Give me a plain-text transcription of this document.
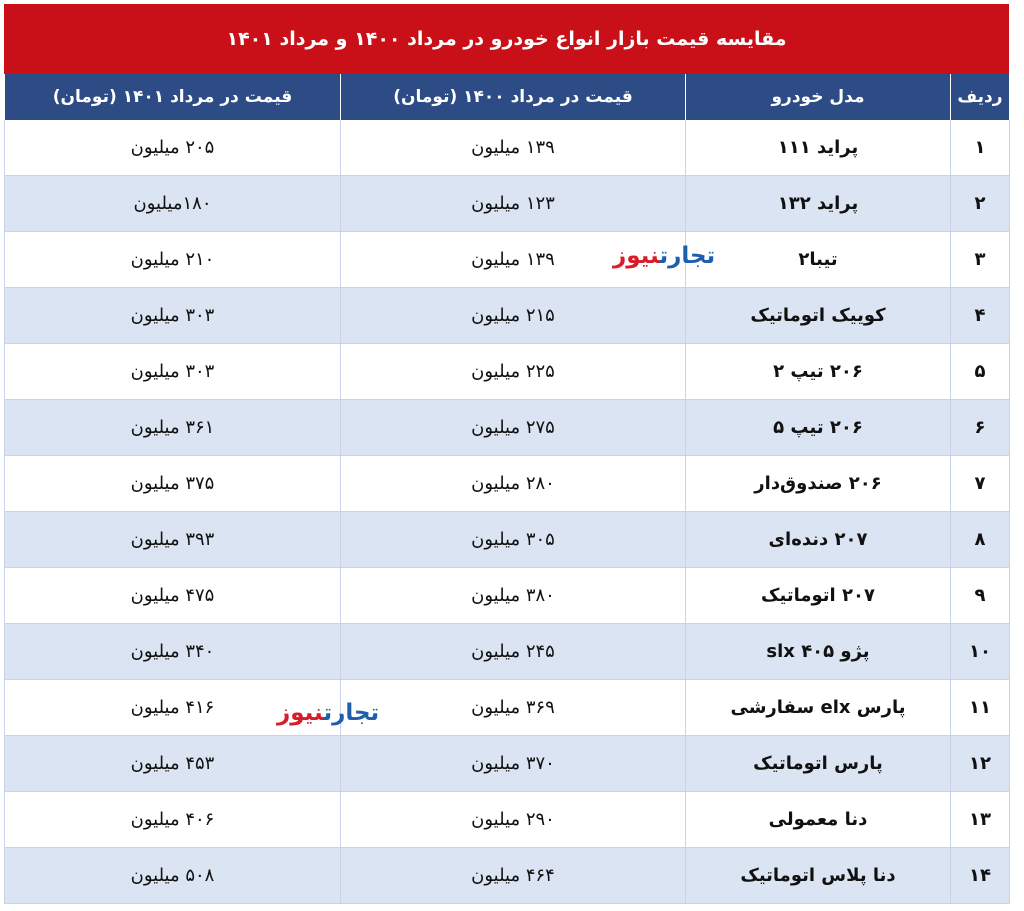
مقایسه قیمت بازار انواع خودرو در مرداد ۱۴۰۰ و مرداد ۱۴۰۱
ردیف	مدل خودرو	قیمت در مرداد ۱۴۰۰ (تومان)	قیمت در مرداد ۱۴۰۱ (تومان)
۱	پراید ۱۱۱	۱۳۹ میلیون	۲۰۵ میلیون
۲	پراید ۱۳۲	۱۲۳ میلیون	۱۸۰میلیون
۳	تیبا۲	۱۳۹ میلیون	۲۱۰ میلیون
۴	کوییک اتوماتیک	۲۱۵ میلیون	۳۰۳ میلیون
۵	۲۰۶ تیپ ۲	۲۲۵ میلیون	۳۰۳ میلیون
۶	۲۰۶ تیپ ۵	۲۷۵ میلیون	۳۶۱ میلیون
۷	۲۰۶ صندوق‌دار	۲۸۰ میلیون	۳۷۵ میلیون
۸	۲۰۷ دنده‌ای	۳۰۵ میلیون	۳۹۳ میلیون
۹	۲۰۷ اتوماتیک	۳۸۰ میلیون	۴۷۵ میلیون
۱۰	پژو ۴۰۵ slx	۲۴۵ میلیون	۳۴۰ میلیون
۱۱	پارس elx سفارشی	۳۶۹ میلیون	۴۱۶ میلیون
۱۲	پارس اتوماتیک	۳۷۰ میلیون	۴۵۳ میلیون
۱۳	دنا معمولی	۲۹۰ میلیون	۴۰۶ میلیون
۱۴	دنا پلاس اتوماتیک	۴۶۴ میلیون	۵۰۸ میلیون
تجارتنیوز
تجارتنیوز
